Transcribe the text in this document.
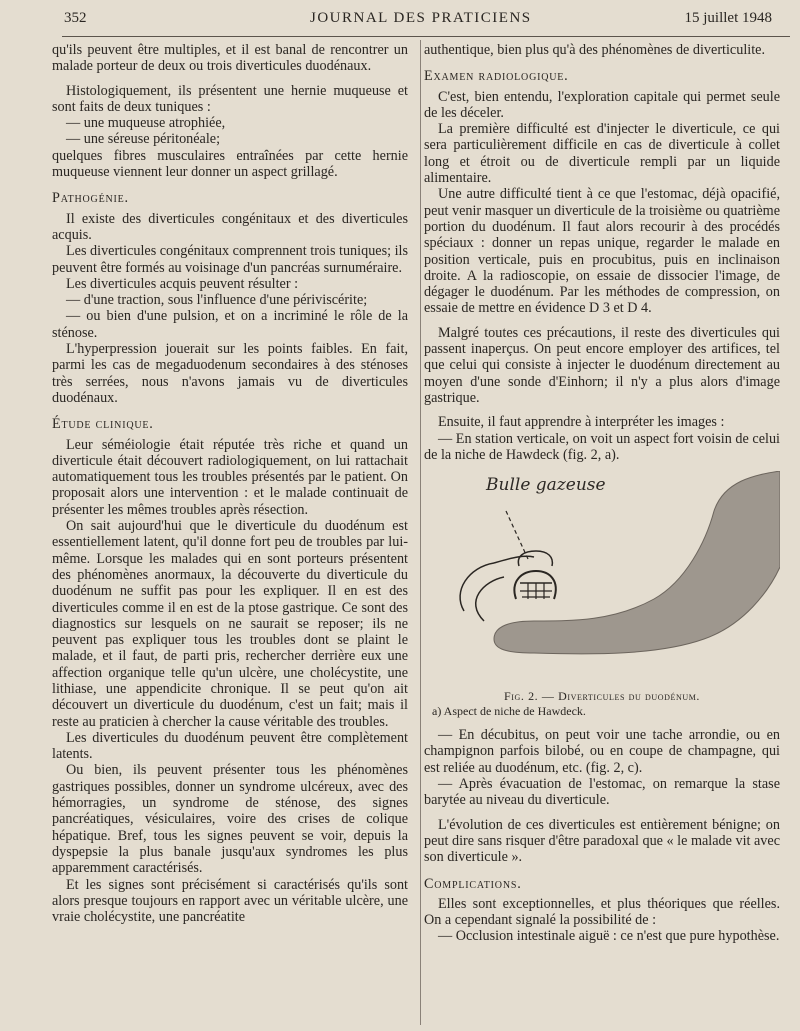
352	JOURNAL DES PRATICIENS	15 juillet 1948

qu'ils peuvent être multiples, et il est banal de rencontrer un malade porteur de deux ou trois diverticules duodénaux.

Histologiquement, ils présentent une hernie muqueuse et sont faits de deux tuniques :

— une muqueuse atrophiée,

— une séreuse péritonéale;

quelques fibres musculaires entraînées par cette hernie muqueuse viennent leur donner un aspect grillagé.

Pathogénie.

Il existe des diverticules congénitaux et des diverticules acquis.

Les diverticules congénitaux comprennent trois tuniques; ils peuvent être formés au voisinage d'un pancréas surnuméraire.

Les diverticules acquis peuvent résulter :

— d'une traction, sous l'influence d'une périviscérite;

— ou bien d'une pulsion, et on a incriminé le rôle de la sténose.

L'hyperpression jouerait sur les points faibles. En fait, parmi les cas de megaduodenum secondaires à des sténoses très serrées, nous n'avons jamais vu de diverticules duodénaux.

Étude clinique.

Leur séméiologie était réputée très riche et quand un diverticule était découvert radiologiquement, on lui rattachait automatiquement tous les troubles présentés par le patient. On proposait alors une intervention : et le malade continuait de présenter les mêmes troubles après résection.

On sait aujourd'hui que le diverticule du duodénum est essentiellement latent, qu'il donne fort peu de troubles par lui-même. Lorsque les malades qui en sont porteurs présentent des phénomènes anormaux, la découverte du diverticule du duodénum ne suffit pas pour les expliquer. Il en est des diverticules comme il en est de la ptose gastrique. Ce sont des diagnostics sur lesquels on ne saurait se reposer; ils ne peuvent pas expliquer tous les troubles dont se plaint le malade, et il faut, de parti pris, rechercher derrière eux une affection organique telle qu'un ulcère, une cholécystite, une lithiase, une appendicite chronique. Il se peut qu'on ait découvert un diverticule du duodénum, c'est un fait; mais il reste au praticien à chercher la cause véritable des troubles.

Les diverticules du duodénum peuvent être complètement latents.

Ou bien, ils peuvent présenter tous les phénomènes gastriques possibles, donner un syndrome ulcéreux, avec des hémorragies, un syndrome de sténose, des signes pancréatiques, vésiculaires, voire des crises de colique hépatique. Bref, tous les signes peuvent se voir, depuis la dyspepsie la plus banale jusqu'aux syndromes les plus apparemment caractérisés.

Et les signes sont précisément si caractérisés qu'ils sont alors presque toujours en rapport avec un véritable ulcère, une vraie cholécystite, une pancréatite

authentique, bien plus qu'à des phénomènes de diverticulite.

Examen radiologique.

C'est, bien entendu, l'exploration capitale qui permet seule de les déceler.

La première difficulté est d'injecter le diverticule, ce qui sera particulièrement difficile en cas de diverticule à collet long et étroit ou de diverticule rempli par un liquide alimentaire.

Une autre difficulté tient à ce que l'estomac, déjà opacifié, peut venir masquer un diverticule de la troisième ou quatrième portion du duodénum. Il faut alors recourir à des procédés spéciaux : donner un repas unique, regarder le malade en position verticale, puis en procubitus, puis en inclinaison droite. A la radioscopie, on essaie de dissocier l'image, de dégager le duodénum. Par les méthodes de compression, on essaie de mettre en évidence D 3 et D 4.

Malgré toutes ces précautions, il reste des diverticules qui passent inaperçus. On peut encore employer des artifices, tel que celui qui consiste à injecter le duodénum directement au moyen d'une sonde d'Einhorn; il n'y a plus alors d'image gastrique.

Ensuite, il faut apprendre à interpréter les images :

— En station verticale, on voit un aspect fort voisin de celui de la niche de Hawdeck (fig. 2, a).

Bulle gazeuse

Fig. 2. — Diverticules du duodénum.

a) Aspect de niche de Hawdeck.

— En décubitus, on peut voir une tache arrondie, ou en champignon parfois bilobé, ou en coupe de champagne, qui est reliée au duodénum, etc. (fig. 2, c).

— Après évacuation de l'estomac, on remarque la stase barytée au niveau du diverticule.

L'évolution de ces diverticules est entièrement bénigne; on peut dire sans risquer d'être paradoxal que « le malade vit avec son diverticule ».

Complications.

Elles sont exceptionnelles, et plus théoriques que réelles. On a cependant signalé la possibilité de :

— Occlusion intestinale aiguë : ce n'est que pure hypothèse.
